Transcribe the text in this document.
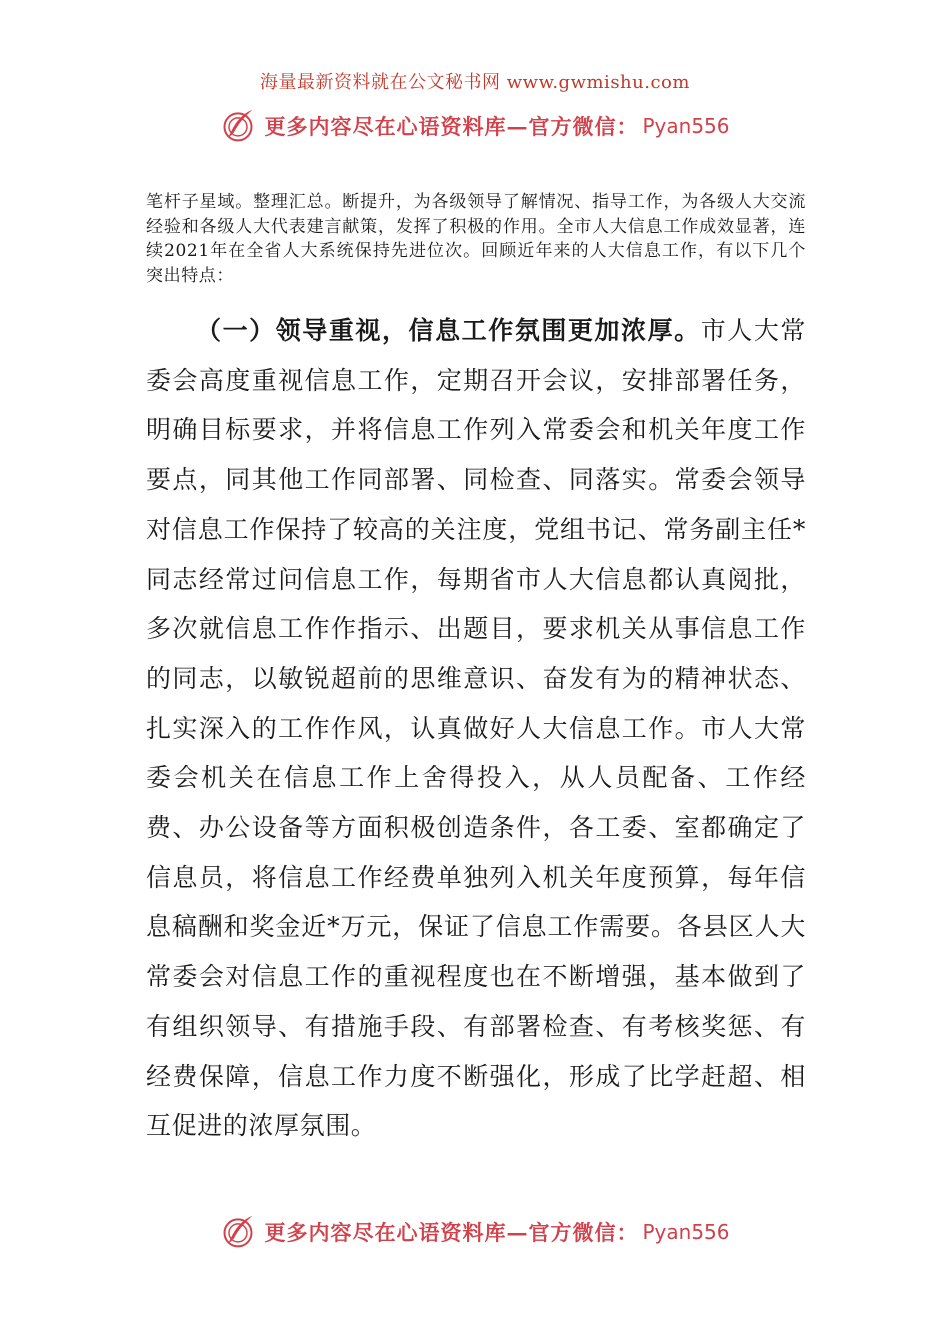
海量最新资料就在公文秘书网 www.gwmishu.com
更多内容尽在心语资料库—官方微信： Pyan556
笔杆子星域。整理汇总。断提升，为各级领导了解情况、指导工作，为各级人大交流经验和各级人大代表建言献策，发挥了积极的作用。全市人大信息工作成效显著，连续2021年在全省人大系统保持先进位次。回顾近年来的人大信息工作，有以下几个突出特点：
（一）领导重视，信息工作氛围更加浓厚。市人大常委会高度重视信息工作，定期召开会议，安排部署任务，明确目标要求，并将信息工作列入常委会和机关年度工作要点，同其他工作同部署、同检查、同落实。常委会领导对信息工作保持了较高的关注度，党组书记、常务副主任*同志经常过问信息工作，每期省市人大信息都认真阅批，多次就信息工作作指示、出题目，要求机关从事信息工作的同志，以敏锐超前的思维意识、奋发有为的精神状态、扎实深入的工作作风，认真做好人大信息工作。市人大常委会机关在信息工作上舍得投入，从人员配备、工作经费、办公设备等方面积极创造条件，各工委、室都确定了信息员，将信息工作经费单独列入机关年度预算，每年信息稿酬和奖金近*万元，保证了信息工作需要。各县区人大常委会对信息工作的重视程度也在不断增强，基本做到了有组织领导、有措施手段、有部署检查、有考核奖惩、有经费保障，信息工作力度不断强化，形成了比学赶超、相互促进的浓厚氛围。
更多内容尽在心语资料库—官方微信： Pyan556
